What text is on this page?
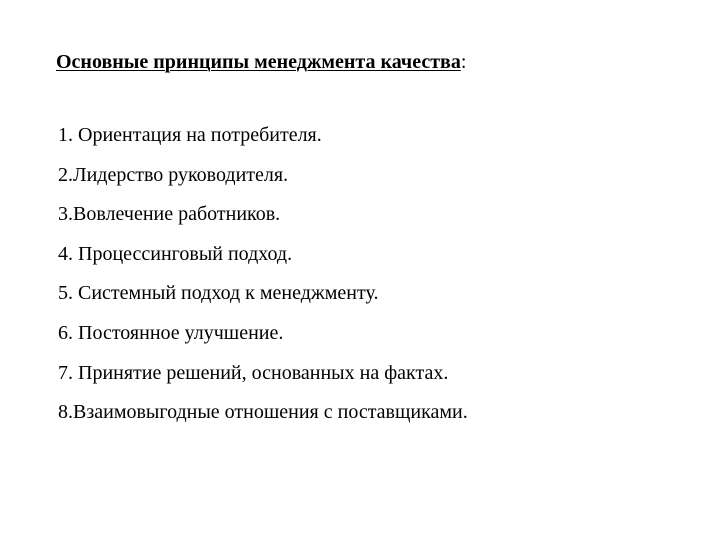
Основные принципы менеджмента качества:
1. Ориентация на потребителя.
2.Лидерство руководителя.
3.Вовлечение работников.
4. Процессинговый подход.
5. Системный подход к менеджменту.
6. Постоянное улучшение.
7. Принятие решений, основанных на фактах.
8.Взаимовыгодные отношения с поставщиками.
